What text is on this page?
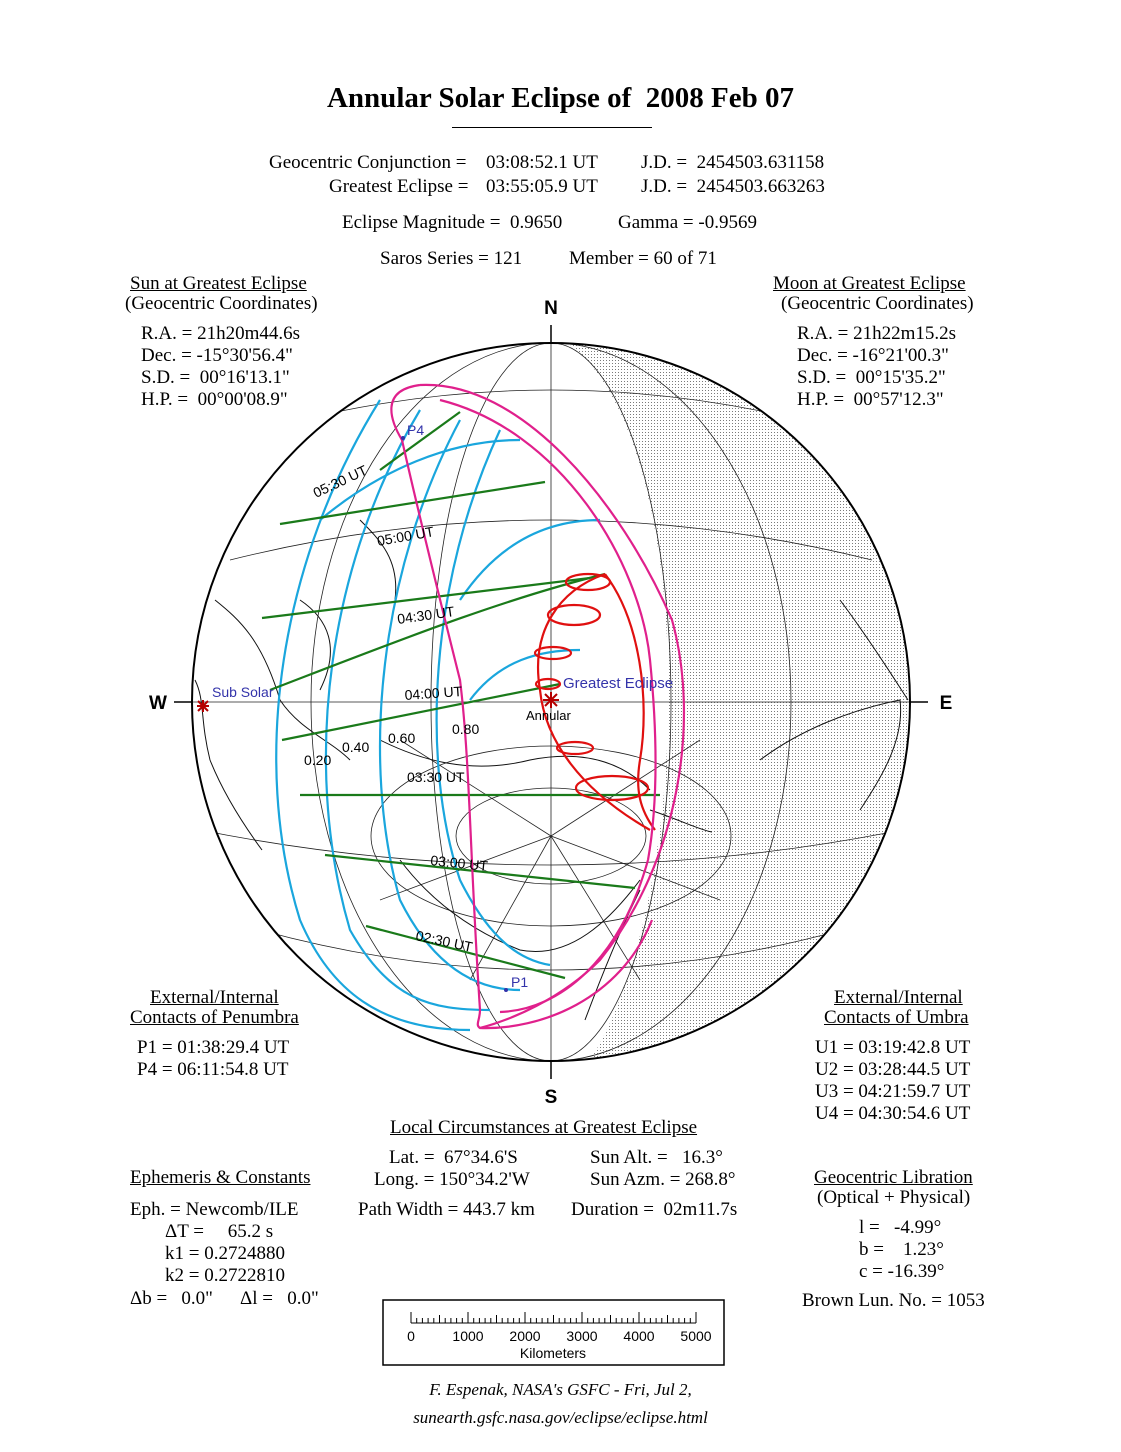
Annular Solar Eclipse of  2008 Feb 07
Geocentric Conjunction = 03:08:52.1 UT J.D. =  2454503.631158
Greatest Eclipse = 03:55:05.9 UT J.D. =  2454503.663263
Eclipse Magnitude =  0.9650	Gamma = -0.9569
Saros Series = 121 Member = 60 of 71
Sun at Greatest Eclipse
(Geocentric Coordinates)
R.A. = 21h20m44.6s
Dec. = -15°30'56.4"
S.D. =  00°16'13.1"
H.P. =  00°00'08.9"
Moon at Greatest Eclipse
(Geocentric Coordinates)
R.A. = 21h22m15.2s
Dec. = -16°21'00.3"
S.D. =  00°15'35.2"
H.P. =  00°57'12.3"
External/Internal
Contacts of Penumbra
P1 = 01:38:29.4 UT
P4 = 06:11:54.8 UT
External/Internal
Contacts of Umbra
U1 = 03:19:42.8 UT
U2 = 03:28:44.5 UT
U3 = 04:21:59.7 UT
U4 = 04:30:54.6 UT
Local Circumstances at Greatest Eclipse
Lat. =  67°34.6'S
Long. = 150°34.2'W
Sun Alt. =   16.3°
Sun Azm. = 268.8°
Path Width = 443.7 km Duration =  02m11.7s
Ephemeris & Constants
Eph. = Newcomb/ILE
ΔT =     65.2 s
k1 = 0.2724880
k2 = 0.2722810
Δb =   0.0" Δl =   0.0"
Geocentric Libration
(Optical + Physical)
l =   -4.99°
b =    1.23°
c = -16.39°
Brown Lun. No. = 1053
F. Espenak, NASA's GSFC - Fri, Jul 2,
sunearth.gsfc.nasa.gov/eclipse/eclipse.html
N
S
W	E
05:30 UT
05:00 UT
04:30 UT
04:00 UT
03:30 UT
03:00 UT
02:30 UT
0.20
0.40
0.60
0.80
Sub Solar	Greatest Eclipse
Annular
P4
P1
0	1000 2000 3000 4000 5000
Kilometers
